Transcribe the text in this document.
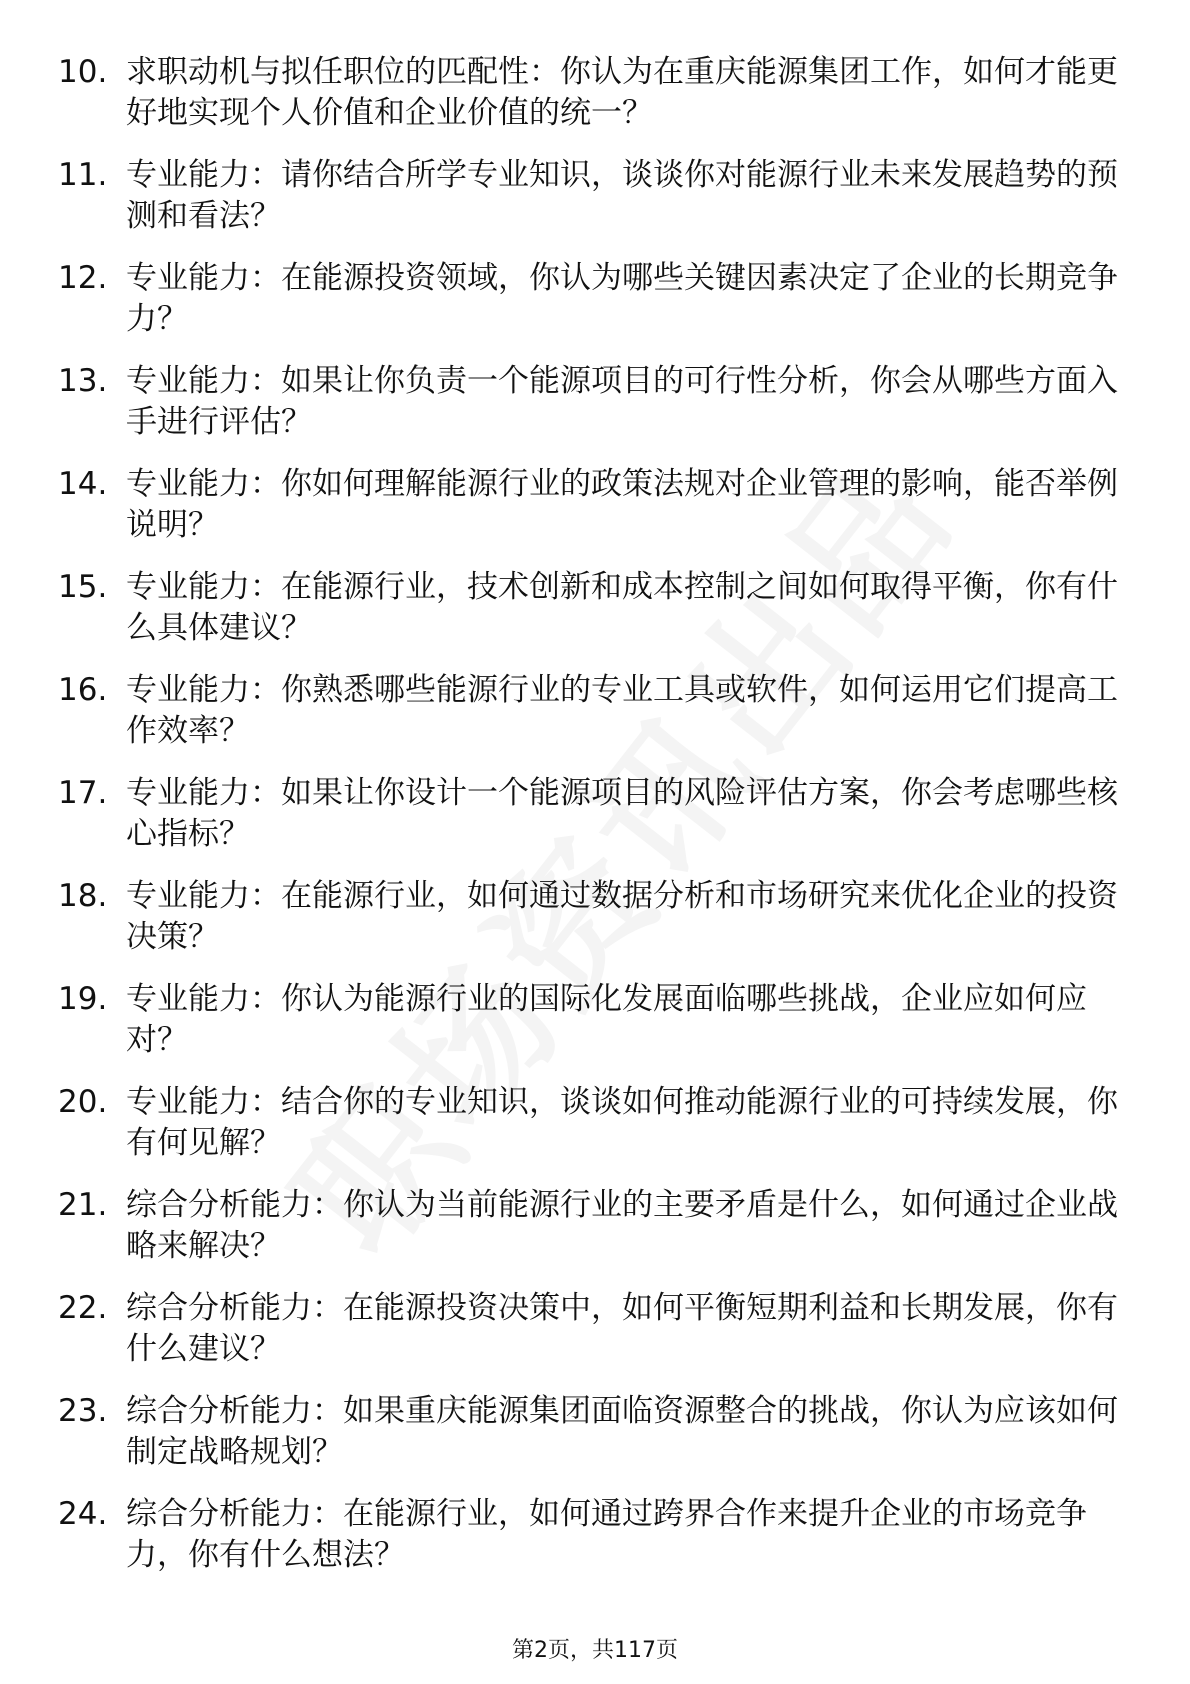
10. 求职动机与拟任职位的匹配性：你认为在重庆能源集团工作，如何才能更好地实现个人价值和企业价值的统一？
11. 专业能力：请你结合所学专业知识，谈谈你对能源行业未来发展趋势的预测和看法？
12. 专业能力：在能源投资领域，你认为哪些关键因素决定了企业的长期竞争力？
13. 专业能力：如果让你负责一个能源项目的可行性分析，你会从哪些方面入手进行评估？
14. 专业能力：你如何理解能源行业的政策法规对企业管理的影响，能否举例说明？
15. 专业能力：在能源行业，技术创新和成本控制之间如何取得平衡，你有什么具体建议？
16. 专业能力：你熟悉哪些能源行业的专业工具或软件，如何运用它们提高工作效率？
17. 专业能力：如果让你设计一个能源项目的风险评估方案，你会考虑哪些核心指标？
18. 专业能力：在能源行业，如何通过数据分析和市场研究来优化企业的投资决策？
19. 专业能力：你认为能源行业的国际化发展面临哪些挑战，企业应如何应对？
20. 专业能力：结合你的专业知识，谈谈如何推动能源行业的可持续发展，你有何见解？
21. 综合分析能力：你认为当前能源行业的主要矛盾是什么，如何通过企业战略来解决？
22. 综合分析能力：在能源投资决策中，如何平衡短期利益和长期发展，你有什么建议？
23. 综合分析能力：如果重庆能源集团面临资源整合的挑战，你认为应该如何制定战略规划？
24. 综合分析能力：在能源行业，如何通过跨界合作来提升企业的市场竞争力，你有什么想法？
第2页，共117页
